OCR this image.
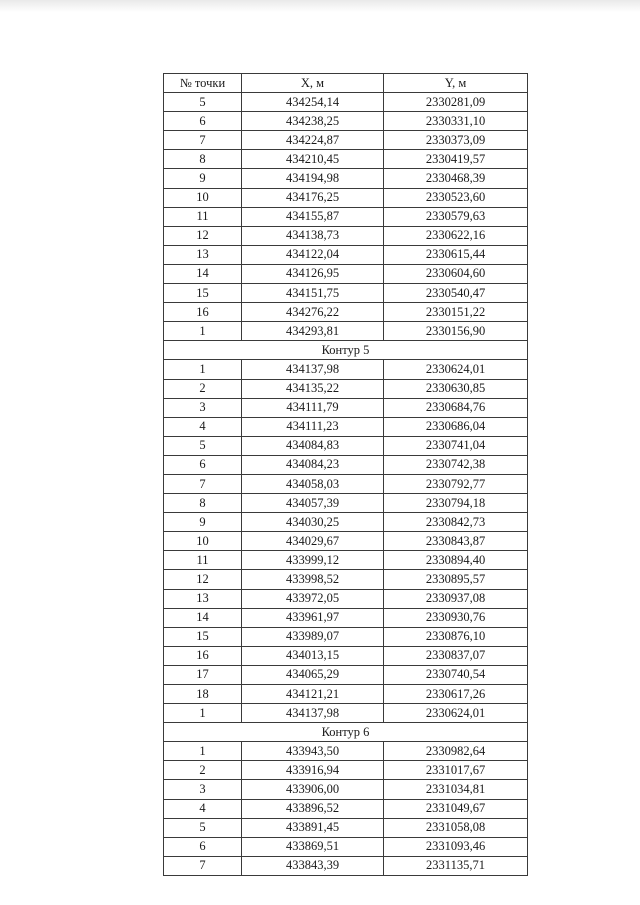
№ точки	X, м	Y, м
5	434254,14	2330281,09
6	434238,25	2330331,10
7	434224,87	2330373,09
8	434210,45	2330419,57
9	434194,98	2330468,39
10	434176,25	2330523,60
11	434155,87	2330579,63
12	434138,73	2330622,16
13	434122,04	2330615,44
14	434126,95	2330604,60
15	434151,75	2330540,47
16	434276,22	2330151,22
1	434293,81	2330156,90
Контур 5		
1	434137,98	2330624,01
2	434135,22	2330630,85
3	434111,79	2330684,76
4	434111,23	2330686,04
5	434084,83	2330741,04
6	434084,23	2330742,38
7	434058,03	2330792,77
8	434057,39	2330794,18
9	434030,25	2330842,73
10	434029,67	2330843,87
11	433999,12	2330894,40
12	433998,52	2330895,57
13	433972,05	2330937,08
14	433961,97	2330930,76
15	433989,07	2330876,10
16	434013,15	2330837,07
17	434065,29	2330740,54
18	434121,21	2330617,26
1	434137,98	2330624,01
Контур 6		
1	433943,50	2330982,64
2	433916,94	2331017,67
3	433906,00	2331034,81
4	433896,52	2331049,67
5	433891,45	2331058,08
6	433869,51	2331093,46
7	433843,39	2331135,71
